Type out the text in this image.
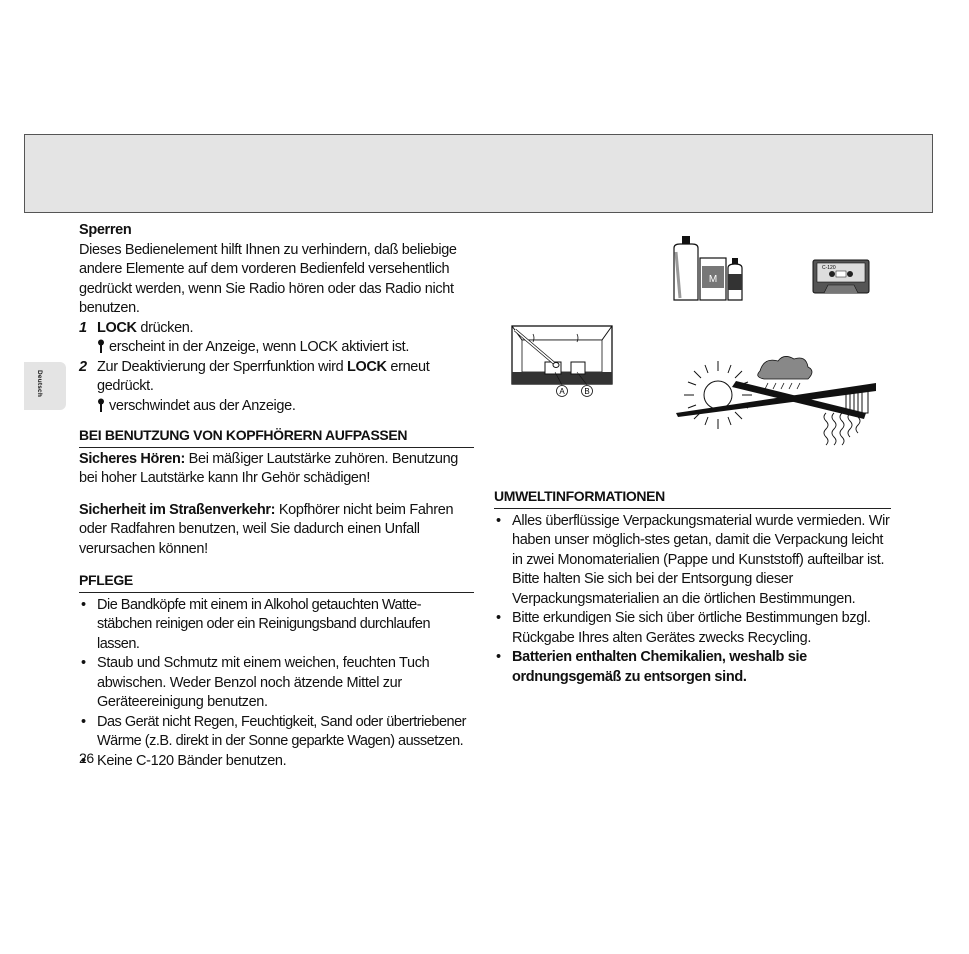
Deutsch

Sperren

Dieses Bedienelement hilft Ihnen zu verhindern, daß beliebige andere Elemente auf dem vorderen Bedienfeld versehentlich gedrückt werden, wenn Sie Radio hören oder das Radio nicht benutzen.

1 LOCK drücken.
erscheint in der Anzeige, wenn LOCK aktiviert ist.
2 Zur Deaktivierung der Sperrfunktion wird LOCK erneut gedrückt.
verschwindet aus der Anzeige.

BEI BENUTZUNG VON KOPFHÖRERN AUFPASSEN

Sicheres Hören: Bei mäßiger Lautstärke zuhören. Benutzung bei hoher Lautstärke kann Ihr Gehör schädigen!

Sicherheit im Straßenverkehr: Kopfhörer nicht beim Fahren oder Radfahren benutzen, weil Sie dadurch einen Unfall verursachen können!

PFLEGE

• Die Bandköpfe mit einem in Alkohol getauchten Watte-stäbchen reinigen oder ein Reinigungsband durchlaufen lassen.
• Staub und Schmutz mit einem weichen, feuchten Tuch abwischen. Weder Benzol noch ätzende Mittel zur Geräteereinigung benutzen.
• Das Gerät nicht Regen, Feuchtigkeit, Sand oder übertriebener Wärme (z.B. direkt in der Sonne geparkte Wagen) aussetzen.
• Keine C-120 Bänder benutzen.
26

UMWELTINFORMATIONEN

• Alles überflüssige Verpackungsmaterial wurde vermieden. Wir haben unser möglich-stes getan, damit die Verpackung leicht in zwei Monomaterialien (Pappe und Kunststoff) aufteilbar ist. Bitte halten Sie sich bei der Entsorgung dieser Verpackungsmaterialien an die örtlichen Bestimmungen.
• Bitte erkundigen Sie sich über örtliche Bestimmungen bzgl. Rückgabe Ihres alten Gerätes zwecks Recycling.
• Batterien enthalten Chemikalien, weshalb sie ordnungsgemäß zu entsorgen sind.
A B
M
C-120
